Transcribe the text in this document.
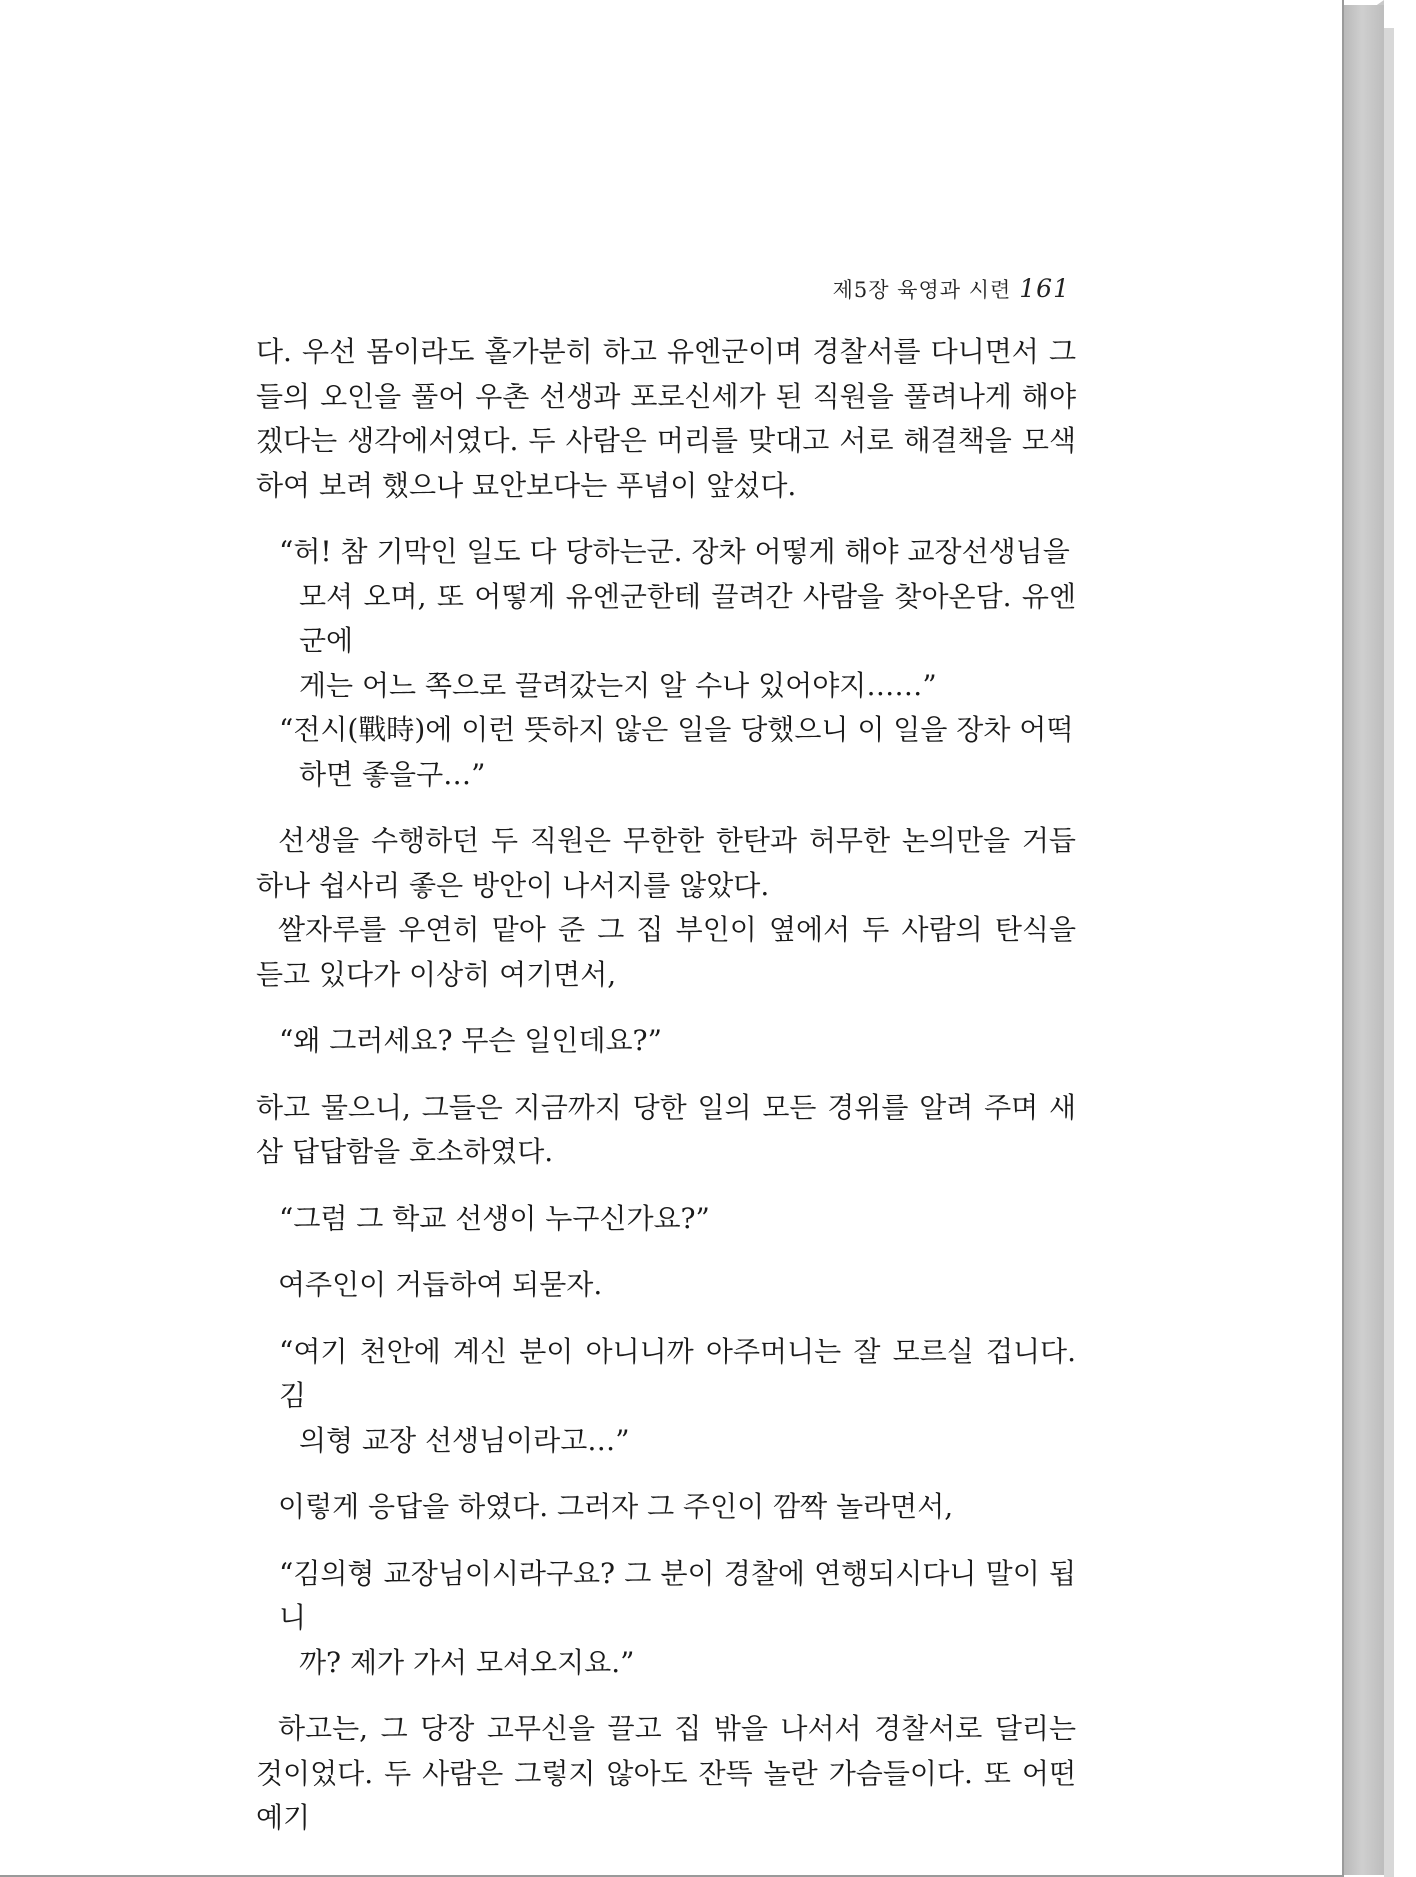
제5장 육영과 시련 161

다. 우선 몸이라도 홀가분히 하고 유엔군이며 경찰서를 다니면서 그들의 오인을 풀어 우촌 선생과 포로신세가 된 직원을 풀려나게 해야겠다는 생각에서였다. 두 사람은 머리를 맞대고 서로 해결책을 모색하여 보려 했으나 묘안보다는 푸념이 앞섰다.

“허! 참 기막인 일도 다 당하는군. 장차 어떻게 해야 교장선생님을
모셔 오며, 또 어떻게 유엔군한테 끌려간 사람을 찾아온담. 유엔군에
게는 어느 쪽으로 끌려갔는지 알 수나 있어야지……”

“전시(戰時)에 이런 뜻하지 않은 일을 당했으니 이 일을 장차 어떡
하면 좋을구…”

선생을 수행하던 두 직원은 무한한 한탄과 허무한 논의만을 거듭하나 쉽사리 좋은 방안이 나서지를 않았다.

쌀자루를 우연히 맡아 준 그 집 부인이 옆에서 두 사람의 탄식을 듣고 있다가 이상히 여기면서,

“왜 그러세요? 무슨 일인데요?”

하고 물으니, 그들은 지금까지 당한 일의 모든 경위를 알려 주며 새삼 답답함을 호소하였다.

“그럼 그 학교 선생이 누구신가요?”

여주인이 거듭하여 되묻자.

“여기 천안에 계신 분이 아니니까 아주머니는 잘 모르실 겁니다. 김
의형 교장 선생님이라고…”

이렇게 응답을 하였다. 그러자 그 주인이 깜짝 놀라면서,

“김의형 교장님이시라구요? 그 분이 경찰에 연행되시다니 말이 됩니
까? 제가 가서 모셔오지요.”

하고는, 그 당장 고무신을 끌고 집 밖을 나서서 경찰서로 달리는 것이었다. 두 사람은 그렇지 않아도 잔뜩 놀란 가슴들이다. 또 어떤 예기
